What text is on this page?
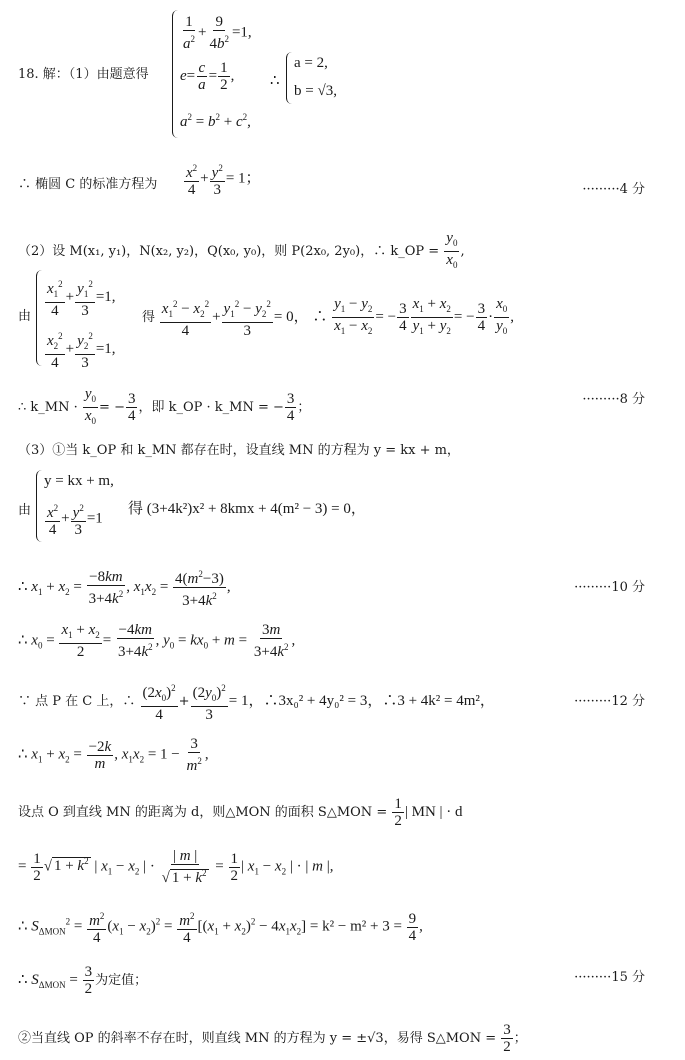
18. 解：（1）由题意得
$\frac{1}{a^2} + \frac{9}{4b^2} =1$,
$e= \frac{c}{a} = \frac{1}{2}$ ,
$a^2 = b^2 + c^2$,
∴
a = 2,
b = √3,
∴ 椭圆 C 的标准方程为 $\frac{x^2}{4} + \frac{y^2}{3} = 1$；
·········4 分
（2）设 M(x₁, y₁)，N(x₂, y₂)，Q(x₀, y₀)，则 P(2x₀, 2y₀)，∴ k_OP = $\frac{y_0}{x_0}$ ,
由 $\frac{x_1^2}{4} + \frac{y_1^2}{3} =1$,
$\frac{x_2^2}{4} + \frac{y_2^2}{3} =1$,
得 $\frac{x_1^2 - x_2^2}{4} + \frac{y_1^2 - y_2^2}{3} = 0$， ∴ $\frac{y_1 - y_2}{x_1 - x_2}$ = − $\frac{3}{4} \frac{x_1 + x_2}{y_1 + y_2}$ = − $\frac{3}{4} \cdot \frac{x_0}{y_0}$ ,
∴ k_MN · $\frac{y_0}{x_0}$ = − $\frac{3}{4}$ ，即 k_OP · k_MN = − $\frac{3}{4}$ ；
·········8 分
（3）①当 k_OP 和 k_MN 都存在时，设直线 MN 的方程为 y = kx + m，
由
y = kx + m,
$\frac{x^2}{4} + \frac{y^2}{3} =1$
得 (3+4k²)x² + 8kmx + 4(m² − 3) = 0，
∴ $x_1 + x_2 = \frac{-8km}{3+4k^2}$ , $x_1x_2 = \frac{4(m^2-3)}{3+4k^2}$ ,	·········10 分
∴ $x_0 = \frac{x_1 + x_2}{2} = \frac{-4km}{3+4k^2}$ , $y_0 = kx_0 + m = \frac{3m}{3+4k^2}$ ,
∵ 点 P 在 C 上，∴ $\frac{(2x_0)^2}{4} + \frac{(2y_0)^2}{3} = 1$，∴3x₀² + 4y₀² = 3，∴3 + 4k² = 4m²，	·········12 分
∴ $x_1 + x_2 = \frac{-2k}{m}$ , $x_1x_2 = 1 - \frac{3}{m^2}$ ,
设点 O 到直线 MN 的距离为 d，则△MON 的面积 S△MON = $\frac{1}{2}$ | MN | · d
= $\frac{1}{2}$ √ $1 + k^2$ | $x_1 - x_2$ | · $\frac{| m |}{√ 1 + k^2} = \frac{1}{2}$ | $x_1 - x_2$ | · | m |,
∴ $S_{\Delta MON}^2 = \frac{m^2}{4} (x_1 - x_2)^2 = \frac{m^2}{4} [(x_1 + x_2)^2 - 4x_1x_2] = k^2 - m^2 + 3 = \frac{9}{4}$ ,
∴ $S_{\Delta MON} = \frac{3}{2}$ 为定值；	·········15 分
②当直线 OP 的斜率不存在时，则直线 MN 的方程为 y = ±√3，易得 S△MON = $\frac{3}{2}$ ；
